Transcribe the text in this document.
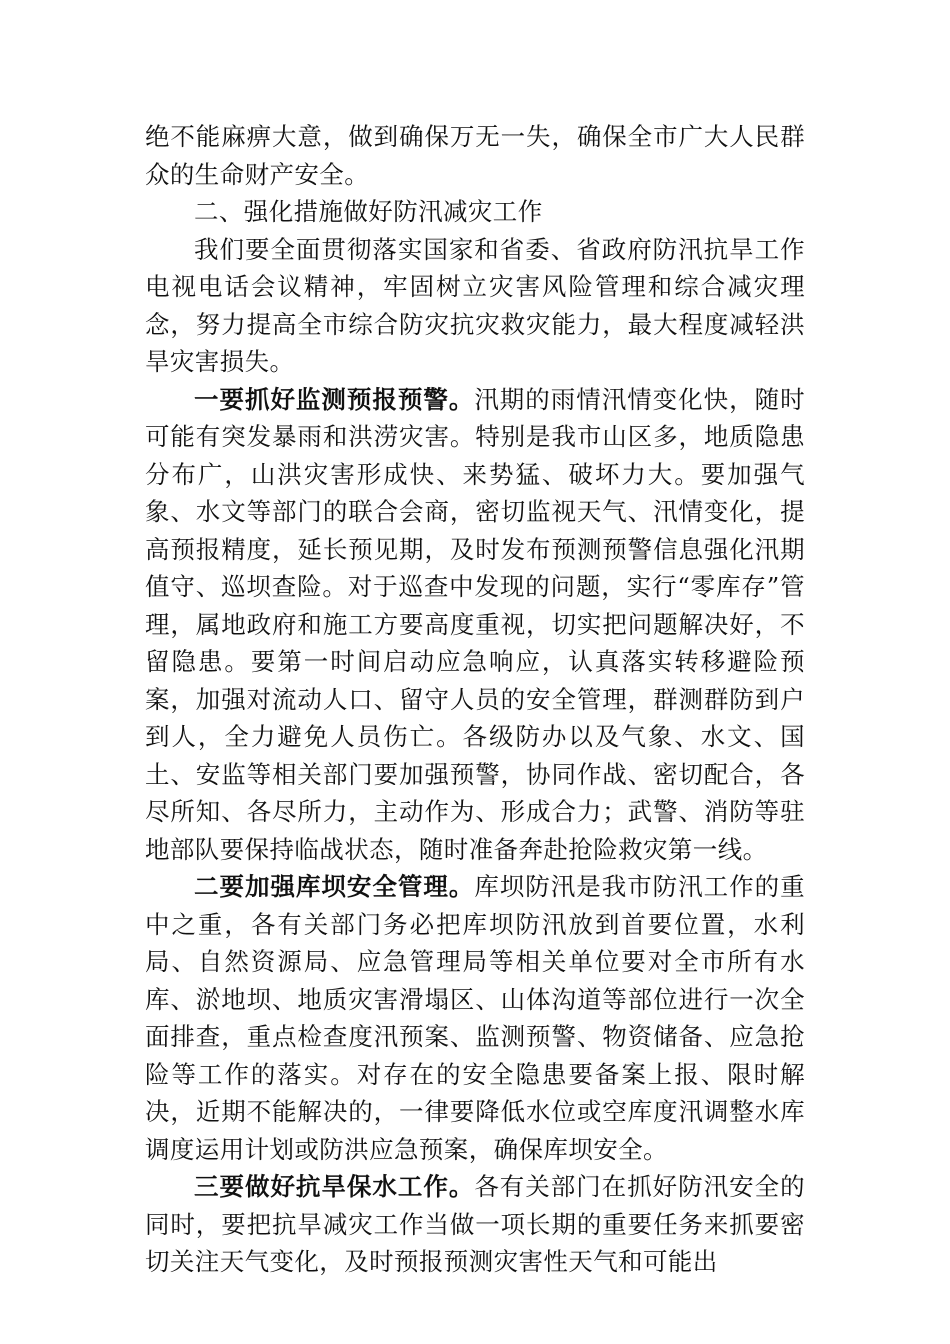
绝不能麻痹大意，做到确保万无一失，确保全市广大人民群众的生命财产安全。

二、强化措施做好防汛减灾工作

我们要全面贯彻落实国家和省委、省政府防汛抗旱工作电视电话会议精神，牢固树立灾害风险管理和综合减灾理念，努力提高全市综合防灾抗灾救灾能力，最大程度减轻洪旱灾害损失。

一要抓好监测预报预警。汛期的雨情汛情变化快，随时可能有突发暴雨和洪涝灾害。特别是我市山区多，地质隐患分布广，山洪灾害形成快、来势猛、破坏力大。要加强气象、水文等部门的联合会商，密切监视天气、汛情变化，提高预报精度，延长预见期，及时发布预测预警信息强化汛期值守、巡坝查险。对于巡查中发现的问题，实行“零库存”管理，属地政府和施工方要高度重视，切实把问题解决好，不留隐患。要第一时间启动应急响应，认真落实转移避险预案，加强对流动人口、留守人员的安全管理，群测群防到户到人，全力避免人员伤亡。各级防办以及气象、水文、国土、安监等相关部门要加强预警，协同作战、密切配合，各尽所知、各尽所力，主动作为、形成合力；武警、消防等驻地部队要保持临战状态，随时准备奔赴抢险救灾第一线。

二要加强库坝安全管理。库坝防汛是我市防汛工作的重中之重，各有关部门务必把库坝防汛放到首要位置，水利局、自然资源局、应急管理局等相关单位要对全市所有水库、淤地坝、地质灾害滑塌区、山体沟道等部位进行一次全面排查，重点检查度汛预案、监测预警、物资储备、应急抢险等工作的落实。对存在的安全隐患要备案上报、限时解决，近期不能解决的，一律要降低水位或空库度汛调整水库调度运用计划或防洪应急预案，确保库坝安全。

三要做好抗旱保水工作。各有关部门在抓好防汛安全的同时，要把抗旱减灾工作当做一项长期的重要任务来抓要密切关注天气变化，及时预报预测灾害性天气和可能出
